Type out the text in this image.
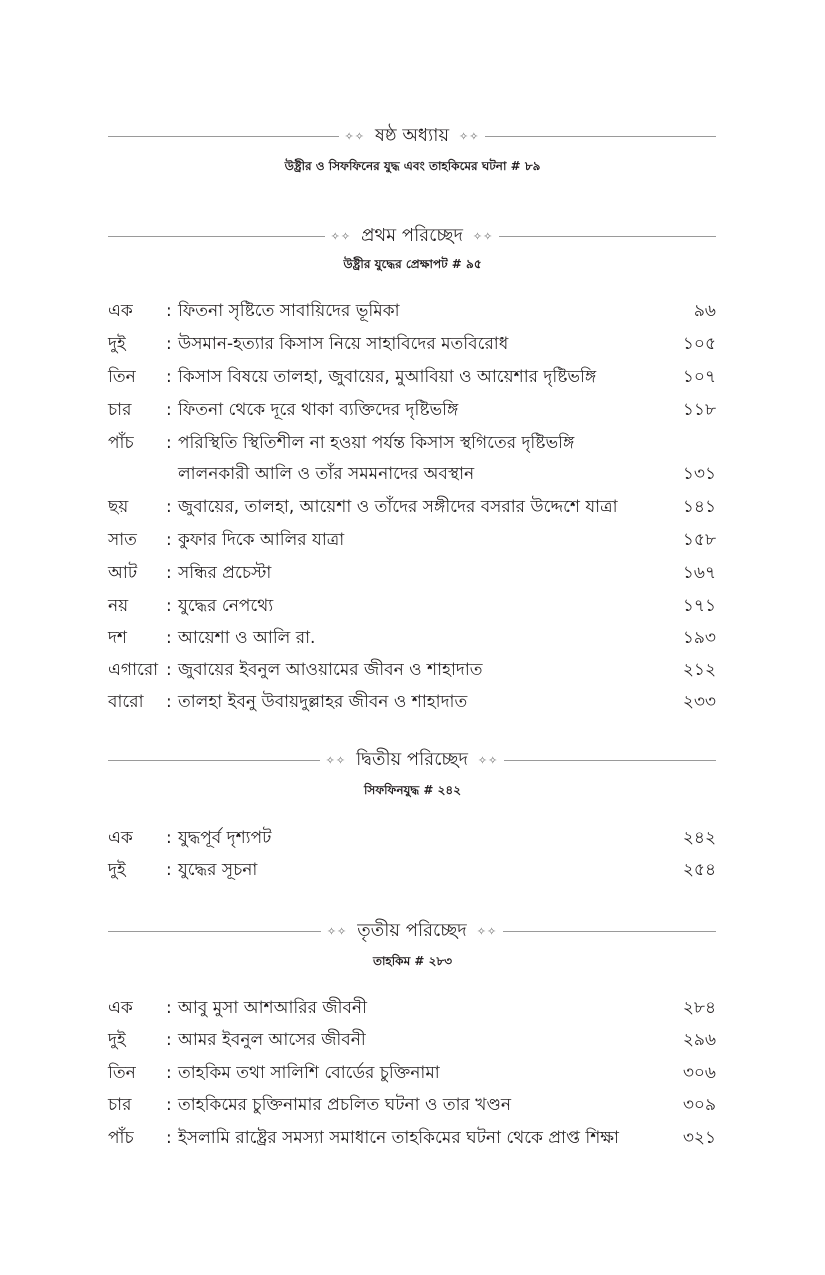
✧✧ ষষ্ঠ অধ্যায় ✧✧
উষ্ট্রীর ও সিফফিনের যুদ্ধ এবং তাহকিমের ঘটনা # ৮৯
✧✧ প্রথম পরিচ্ছেদ ✧✧
উষ্ট্রীর যুদ্ধের প্রেক্ষাপট # ৯৫
এক : ফিতনা সৃষ্টিতে সাবায়িদের ভূমিকা	৯৬
দুই : উসমান-হত্যার কিসাস নিয়ে সাহাবিদের মতবিরোধ	১০৫
তিন : কিসাস বিষয়ে তালহা, জুবায়ের, মুআবিয়া ও আয়েশার দৃষ্টিভঙ্গি	১০৭
চার : ফিতনা থেকে দূরে থাকা ব্যক্তিদের দৃষ্টিভঙ্গি	১১৮
পাঁচ : পরিস্থিতি স্থিতিশীল না হওয়া পর্যন্ত কিসাস স্থগিতের দৃষ্টিভঙ্গি
লালনকারী আলি ও তাঁর সমমনাদের অবস্থান	১৩১
ছয় : জুবায়ের, তালহা, আয়েশা ও তাঁদের সঙ্গীদের বসরার উদ্দেশে যাত্রা	১৪১
সাত : কুফার দিকে আলির যাত্রা	১৫৮
আট : সন্ধির প্রচেস্টা	১৬৭
নয় : যুদ্ধের নেপথ্যে	১৭১
দশ : আয়েশা ও আলি রা.	১৯৩
এগারো : জুবায়ের ইবনুল আওয়ামের জীবন ও শাহাদাত	২১২
বারো : তালহা ইবনু উবায়দুল্লাহর জীবন ও শাহাদাত	২৩৩
✧✧ দ্বিতীয় পরিচ্ছেদ ✧✧
সিফফিনযুদ্ধ # ২৪২
এক : যুদ্ধপূর্ব দৃশ্যপট	২৪২
দুই : যুদ্ধের সূচনা	২৫৪
✧✧ তৃতীয় পরিচ্ছেদ ✧✧
তাহকিম # ২৮৩
এক : আবু মুসা আশআরির জীবনী	২৮৪
দুই : আমর ইবনুল আসের জীবনী	২৯৬
তিন : তাহকিম তথা সালিশি বোর্ডের চুক্তিনামা	৩০৬
চার : তাহকিমের চুক্তিনামার প্রচলিত ঘটনা ও তার খণ্ডন	৩০৯
পাঁচ : ইসলামি রাষ্ট্রের সমস্যা সমাধানে তাহকিমের ঘটনা থেকে প্রাপ্ত শিক্ষা	৩২১
